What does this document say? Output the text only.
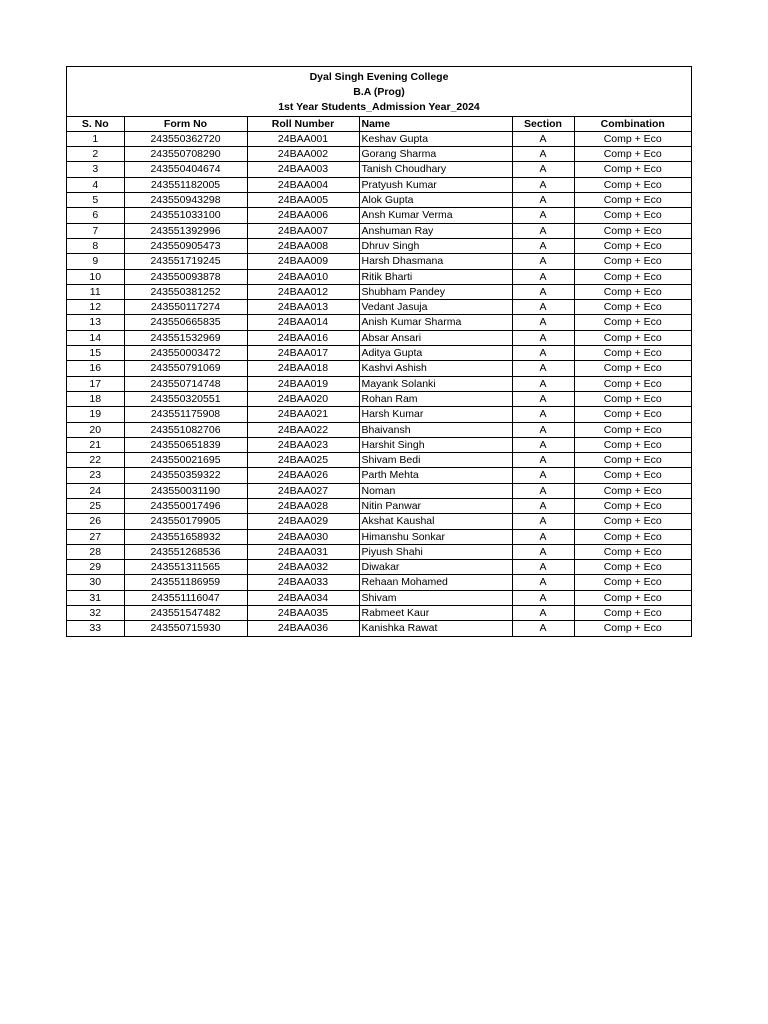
Dyal Singh Evening College
B.A (Prog)
1st Year Students_Admission Year_2024
S. No	Form No	Roll Number	Name	Section	Combination
1	243550362720	24BAA001	Keshav Gupta	A	Comp + Eco
2	243550708290	24BAA002	Gorang Sharma	A	Comp + Eco
3	243550404674	24BAA003	Tanish Choudhary	A	Comp + Eco
4	243551182005	24BAA004	Pratyush Kumar	A	Comp + Eco
5	243550943298	24BAA005	Alok Gupta	A	Comp + Eco
6	243551033100	24BAA006	Ansh Kumar Verma	A	Comp + Eco
7	243551392996	24BAA007	Anshuman Ray	A	Comp + Eco
8	243550905473	24BAA008	Dhruv Singh	A	Comp + Eco
9	243551719245	24BAA009	Harsh Dhasmana	A	Comp + Eco
10	243550093878	24BAA010	Ritik Bharti	A	Comp + Eco
11	243550381252	24BAA012	Shubham Pandey	A	Comp + Eco
12	243550117274	24BAA013	Vedant Jasuja	A	Comp + Eco
13	243550665835	24BAA014	Anish Kumar Sharma	A	Comp + Eco
14	243551532969	24BAA016	Absar Ansari	A	Comp + Eco
15	243550003472	24BAA017	Aditya Gupta	A	Comp + Eco
16	243550791069	24BAA018	Kashvi Ashish	A	Comp + Eco
17	243550714748	24BAA019	Mayank Solanki	A	Comp + Eco
18	243550320551	24BAA020	Rohan Ram	A	Comp + Eco
19	243551175908	24BAA021	Harsh Kumar	A	Comp + Eco
20	243551082706	24BAA022	Bhaivansh	A	Comp + Eco
21	243550651839	24BAA023	Harshit Singh	A	Comp + Eco
22	243550021695	24BAA025	Shivam Bedi	A	Comp + Eco
23	243550359322	24BAA026	Parth Mehta	A	Comp + Eco
24	243550031190	24BAA027	Noman	A	Comp + Eco
25	243550017496	24BAA028	Nitin Panwar	A	Comp + Eco
26	243550179905	24BAA029	Akshat Kaushal	A	Comp + Eco
27	243551658932	24BAA030	Himanshu Sonkar	A	Comp + Eco
28	243551268536	24BAA031	Piyush Shahi	A	Comp + Eco
29	243551311565	24BAA032	Diwakar	A	Comp + Eco
30	243551186959	24BAA033	Rehaan Mohamed	A	Comp + Eco
31	243551116047	24BAA034	Shivam	A	Comp + Eco
32	243551547482	24BAA035	Rabmeet Kaur	A	Comp + Eco
33	243550715930	24BAA036	Kanishka Rawat	A	Comp + Eco
